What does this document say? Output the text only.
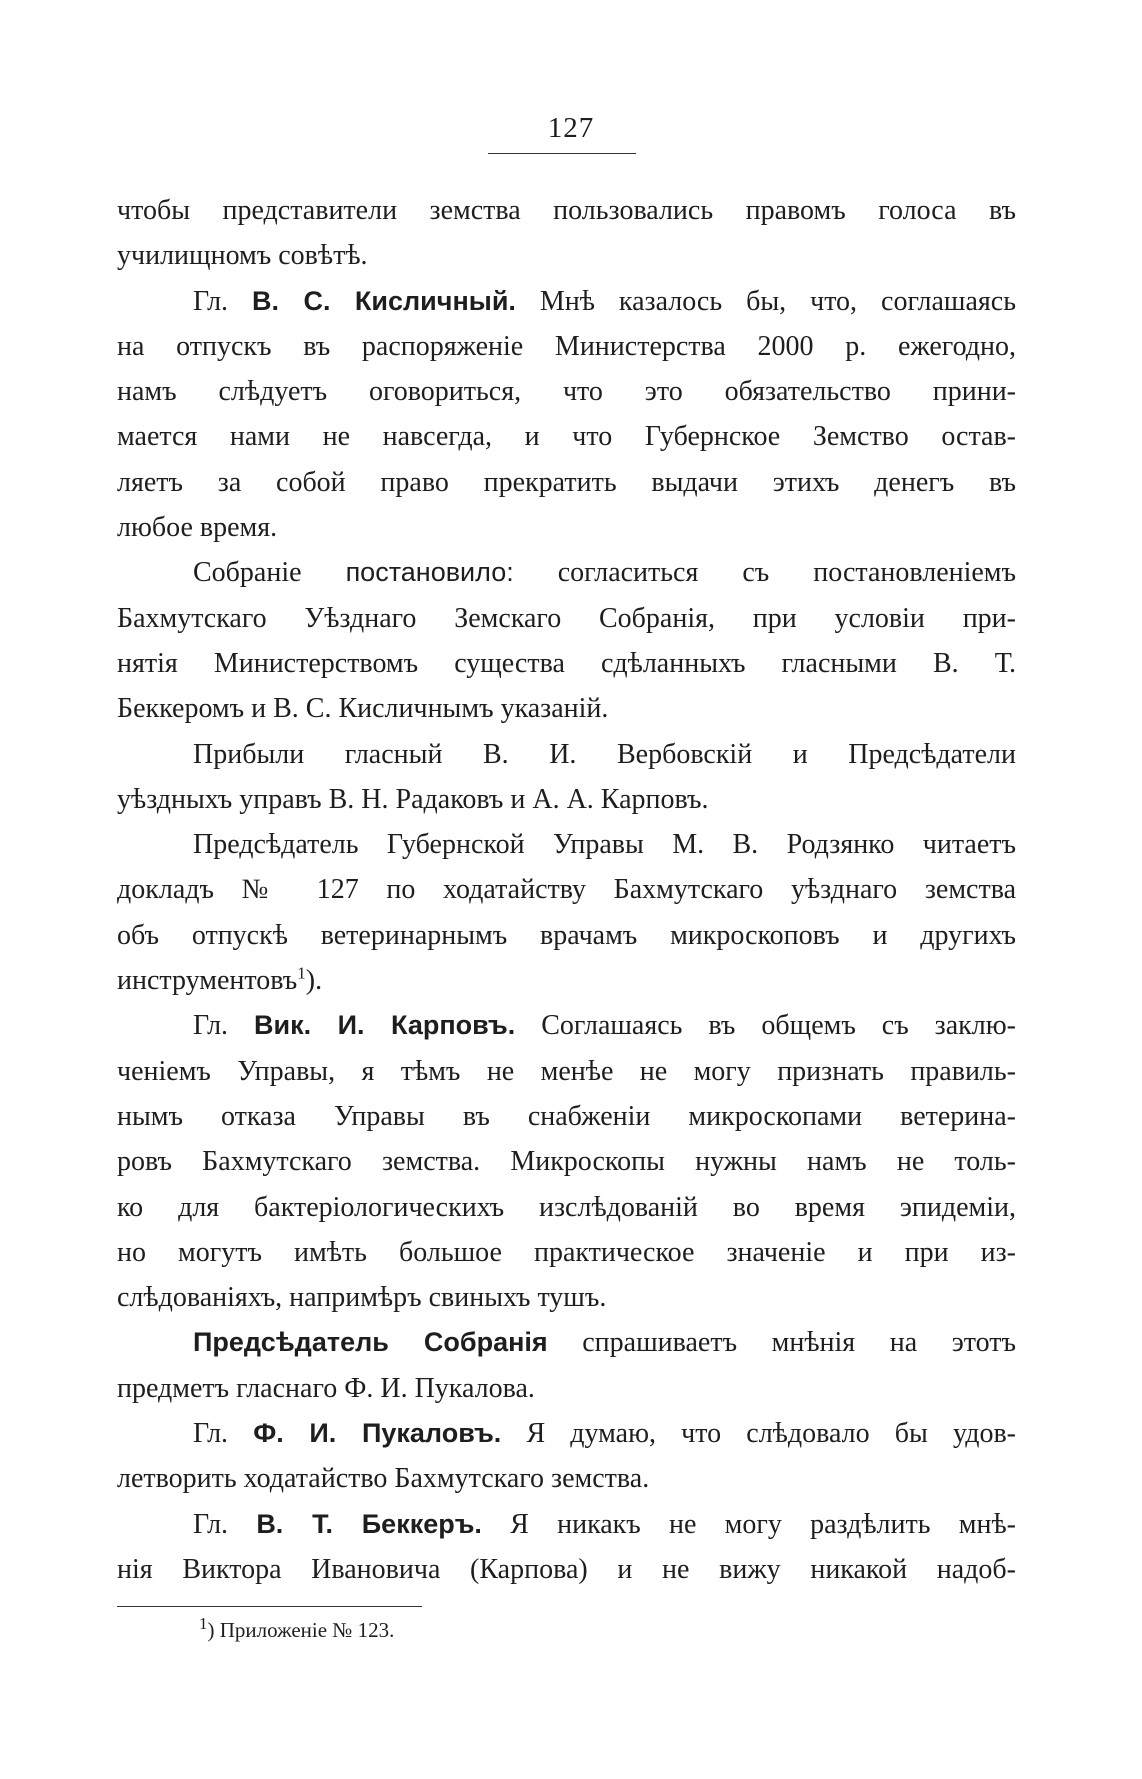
127
чтобы представители земства пользовались правомъ голоса въ
училищномъ совѣтѣ.
Гл. В. С. Кисличный. Мнѣ казалось бы, что, соглашаясь
на отпускъ въ распоряженіе Министерства 2000 р. ежегодно,
намъ слѣдуетъ оговориться, что это обязательство прини-
мается нами не навсегда, и что Губернское Земство остав-
ляетъ за собой право прекратить выдачи этихъ денегъ въ
любое время.
Собраніе постановило: согласиться съ постановленіемъ
Бахмутскаго Уѣзднаго Земскаго Собранія, при условіи при-
нятія Министерствомъ существа сдѣланныхъ гласными В. Т.
Беккеромъ и В. С. Кисличнымъ указаній.
Прибыли гласный В. И. Вербовскій и Предсѣдатели
уѣздныхъ управъ В. Н. Радаковъ и А. А. Карповъ.
Предсѣдатель Губернской Управы М. В. Родзянко читаетъ
докладъ № 127 по ходатайству Бахмутскаго уѣзднаго земства
объ отпускѣ ветеринарнымъ врачамъ микроскоповъ и другихъ
инструментовъ$^1$).
Гл. Вик. И. Карповъ. Соглашаясь въ общемъ съ заклю-
ченіемъ Управы, я тѣмъ не менѣе не могу признать правиль-
нымъ отказа Управы въ снабженіи микроскопами ветерина-
ровъ Бахмутскаго земства. Микроскопы нужны намъ не толь-
ко для бактеріологическихъ изслѣдованій во время эпидеміи,
но могутъ имѣть большое практическое значеніе и при из-
слѣдованіяхъ, напримѣръ свиныхъ тушъ.
Предсѣдатель Собранія спрашиваетъ мнѣнія на этотъ
предметъ гласнаго Ф. И. Пукалова.
Гл. Ф. И. Пукаловъ. Я думаю, что слѣдовало бы удов-
летворить ходатайство Бахмутскаго земства.
Гл. В. Т. Беккеръ. Я никакъ не могу раздѣлить мнѣ-
нія Виктора Ивановича (Карпова) и не вижу никакой надоб-
$^1$) Приложеніе № 123.
